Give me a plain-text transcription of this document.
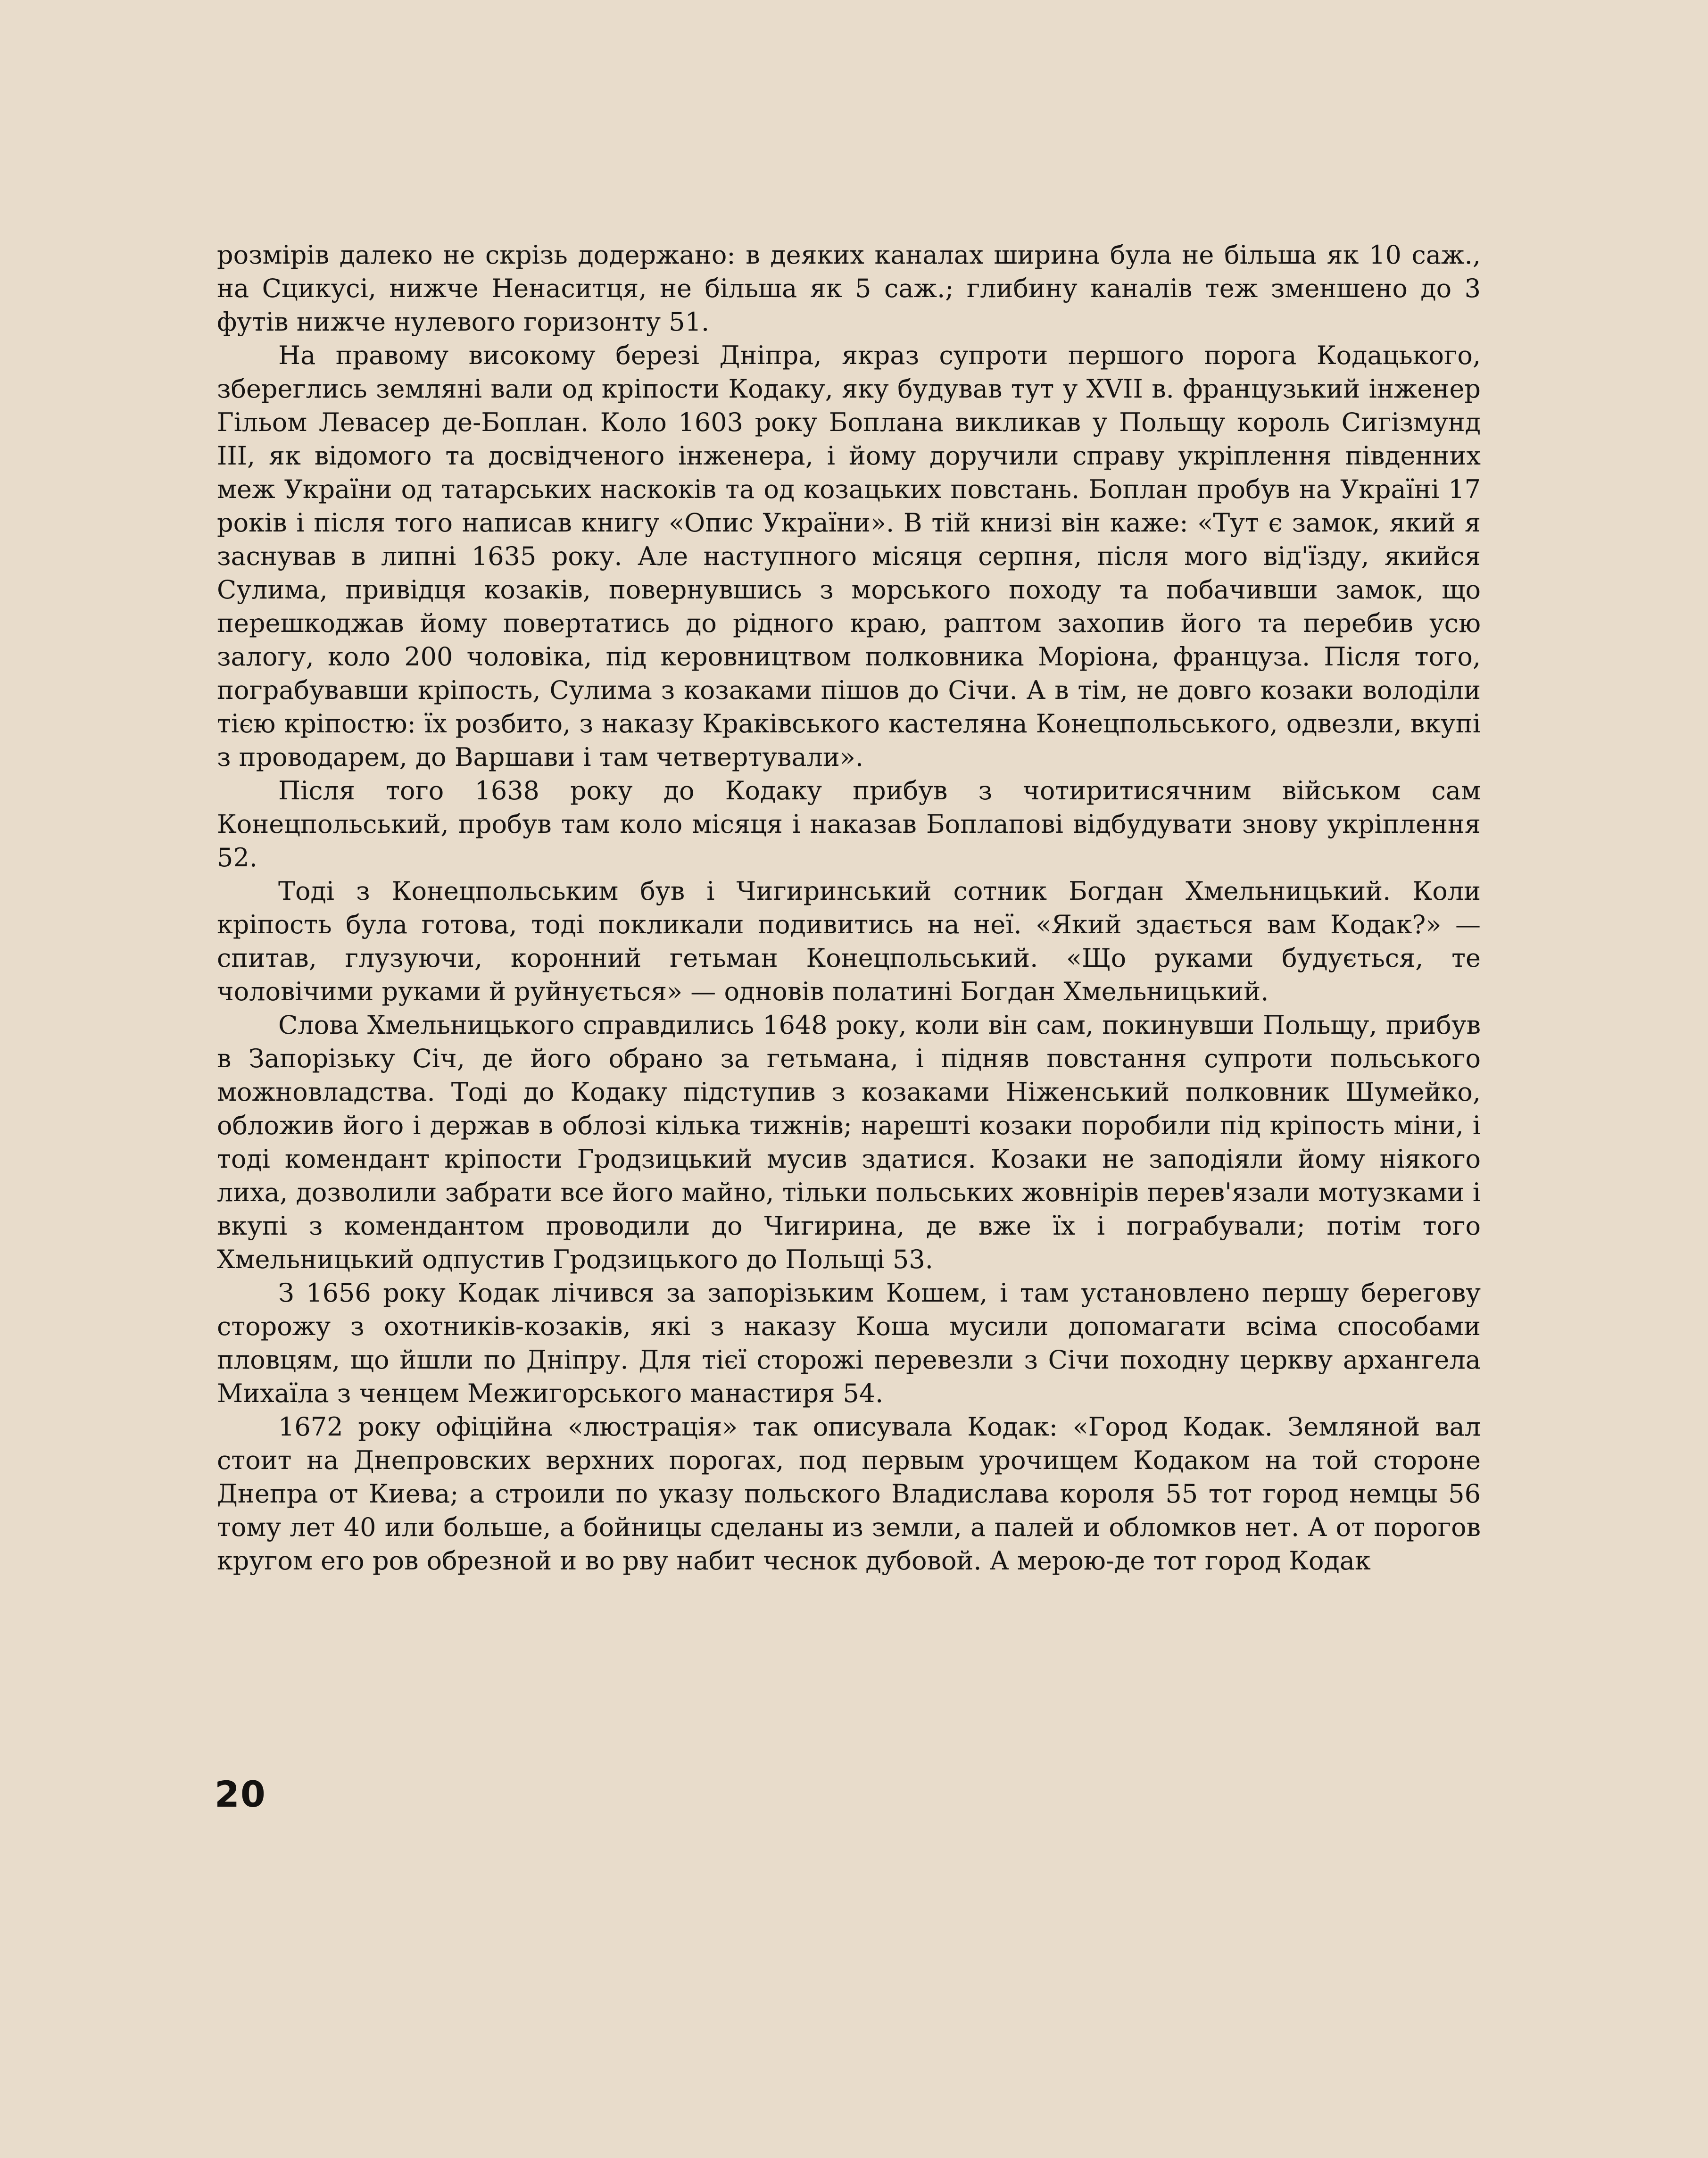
розмірів далеко не скрізь додержано: в деяких каналах ширина була не більша як 10 саж., на Сцикусі, нижче Ненаситця, не більша як 5 саж.; глибину каналів теж зменшено до 3 футів нижче нулевого горизонту 51.

На правому високому березі Дніпра, якраз супроти першого порога Кодацького, збереглись земляні вали од кріпости Кодаку, яку будував тут у XVII в. французький інженер Гільом Левасер де-Боплан. Коло 1603 року Боплана викликав у Польщу король Сигізмунд III, як відомого та досвідченого інженера, і йому доручили справу укріплення південних меж України од татарських наскоків та од козацьких повстань. Боплан пробув на Україні 17 років і після того написав книгу «Опис України». В тій книзі він каже: «Тут є замок, який я заснував в липні 1635 року. Але наступного місяця серпня, після мого від'їзду, якийся Сулима, привідця козаків, повернувшись з морського походу та побачивши замок, що перешкоджав йому повертатись до рідного краю, раптом захопив його та перебив усю залогу, коло 200 чоловіка, під керовництвом полковника Моріона, француза. Після того, пограбувавши кріпость, Сулима з козаками пішов до Січи. А в тім, не довго козаки володіли тією кріпостю: їх розбито, з наказу Краківського кастеляна Конецпольського, одвезли, вкупі з проводарем, до Варшави і там четвертували».

Після того 1638 року до Кодаку прибув з чотиритисячним військом сам Конецпольський, пробув там коло місяця і наказав Боплапові відбудувати знову укріплення 52.

Тоді з Конецпольським був і Чигиринський сотник Богдан Хмельницький. Коли кріпость була готова, тоді покликали подивитись на неї. «Який здається вам Кодак?» — спитав, глузуючи, коронний гетьман Конецпольський. «Що руками будується, те чоловічими руками й руйнується» — одновів полатині Богдан Хмельницький.

Слова Хмельницького справдились 1648 року, коли він сам, покинувши Польщу, прибув в Запорізьку Січ, де його обрано за гетьмана, і підняв повстання супроти польського можновладства. Тоді до Кодаку підступив з козаками Ніженський полковник Шумейко, обложив його і держав в облозі кілька тижнів; нарешті козаки поробили під кріпость міни, і тоді комендант кріпости Гродзицький мусив здатися. Козаки не заподіяли йому ніякого лиха, дозволили забрати все його майно, тільки польських жовнірів перев'язали мотузками і вкупі з комендантом проводили до Чигирина, де вже їх і пограбували; потім того Хмельницький одпустив Гродзицького до Польщі 53.

З 1656 року Кодак лічився за запорізьким Кошем, і там установлено першу берегову сторожу з охотників-козаків, які з наказу Коша мусили допомагати всіма способами пловцям, що йшли по Дніпру. Для тієї сторожі перевезли з Січи походну церкву архангела Михаїла з ченцем Межигорського манастиря 54.

1672 року офіційна «люстрація» так описувала Кодак: «Город Кодак. Земляной вал стоит на Днепровских верхних порогах, под первым урочищем Кодаком на той стороне Днепра от Киева; а строили по указу польского Владислава короля 55 тот город немцы 56 тому лет 40 или больше, а бойницы сделаны из земли, а палей и обломков нет. А от порогов кругом его ров обрезной и во рву набит чеснок дубовой. А мерою-де тот город Кодак

20
